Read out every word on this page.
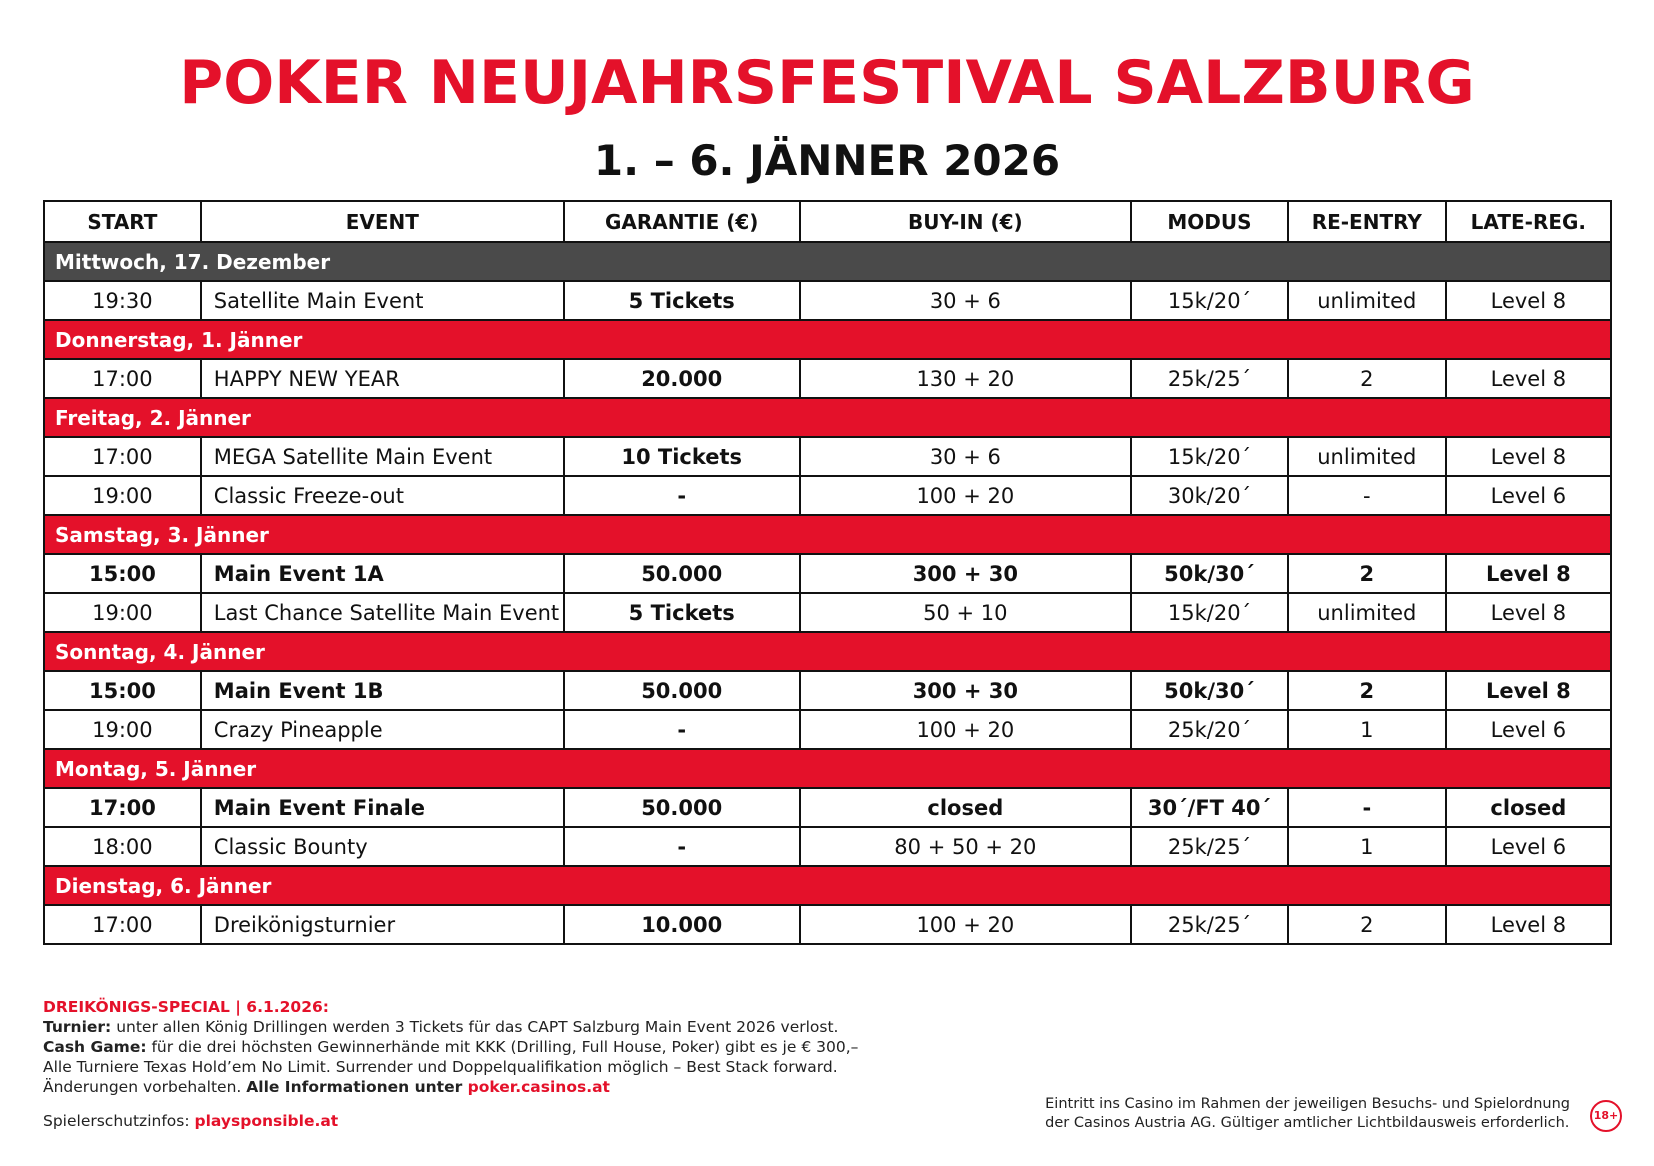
POKER NEUJAHRSFESTIVAL SALZBURG
1. – 6. JÄNNER 2026
START	EVENT	GARANTIE (€)	BUY-IN (€)	MODUS	RE-ENTRY	LATE-REG.
Mittwoch, 17. Dezember						
19:30	Satellite Main Event	5 Tickets	30 + 6	15k/20´	unlimited	Level 8
Donnerstag, 1. Jänner						
17:00	HAPPY NEW YEAR	20.000	130 + 20	25k/25´	2	Level 8
Freitag, 2. Jänner						
17:00	MEGA Satellite Main Event	10 Tickets	30 + 6	15k/20´	unlimited	Level 8
19:00	Classic Freeze-out	-	100 + 20	30k/20´	-	Level 6
Samstag, 3. Jänner						
15:00	Main Event 1A	50.000	300 + 30	50k/30´	2	Level 8
19:00	Last Chance Satellite Main Event	5 Tickets	50 + 10	15k/20´	unlimited	Level 8
Sonntag, 4. Jänner						
15:00	Main Event 1B	50.000	300 + 30	50k/30´	2	Level 8
19:00	Crazy Pineapple	-	100 + 20	25k/20´	1	Level 6
Montag, 5. Jänner						
17:00	Main Event Finale	50.000	closed	30´/FT 40´	-	closed
18:00	Classic Bounty	-	80 + 50 + 20	25k/25´	1	Level 6
Dienstag, 6. Jänner						
17:00	Dreikönigsturnier	10.000	100 + 20	25k/25´	2	Level 8
DREIKÖNIGS-SPECIAL | 6.1.2026:
Turnier: unter allen König Drillingen werden 3 Tickets für das CAPT Salzburg Main Event 2026 verlost.
Cash Game: für die drei höchsten Gewinnerhände mit KKK (Drilling, Full House, Poker) gibt es je € 300,–
Alle Turniere Texas Hold’em No Limit. Surrender und Doppelqualifikation möglich – Best Stack forward.
Änderungen vorbehalten. Alle Informationen unter poker.casinos.at
Spielerschutzinfos: playsponsible.at
Eintritt ins Casino im Rahmen der jeweiligen Besuchs- und Spielordnung
der Casinos Austria AG. Gültiger amtlicher Lichtbildausweis erforderlich.	18+
